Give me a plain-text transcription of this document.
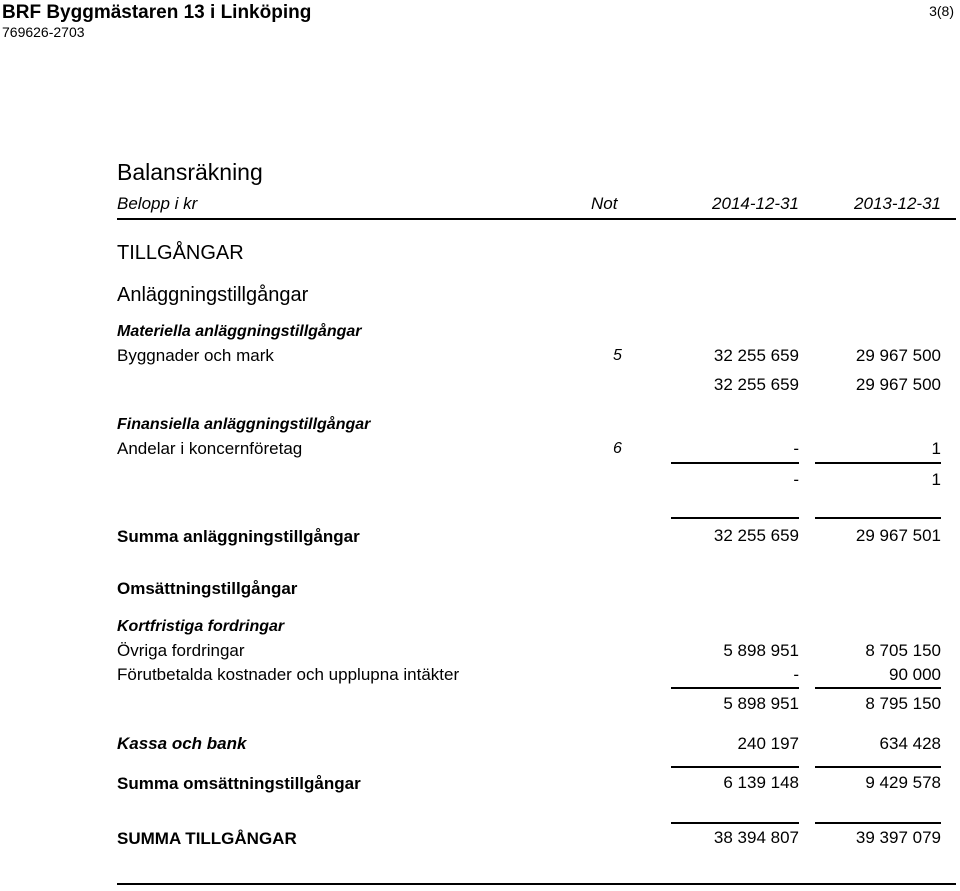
BRF Byggmästaren 13 i Linköping
769626-2703
3(8)
Balansräkning
Belopp i kr	Not	2014-12-31	2013-12-31
TILLGÅNGAR
Anläggningstillgångar
Materiella anläggningstillgångar
Byggnader och mark	5	32 255 659	29 967 500
32 255 659	29 967 500
Finansiella anläggningstillgångar
Andelar i koncernföretag	6	-	1
-	1
Summa anläggningstillgångar	32 255 659	29 967 501
Omsättningstillgångar
Kortfristiga fordringar
Övriga fordringar	5 898 951	8 705 150
Förutbetalda kostnader och upplupna intäkter	-	90 000
5 898 951	8 795 150
Kassa och bank	240 197	634 428
Summa omsättningstillgångar	6 139 148	9 429 578
SUMMA TILLGÅNGAR	38 394 807	39 397 079
